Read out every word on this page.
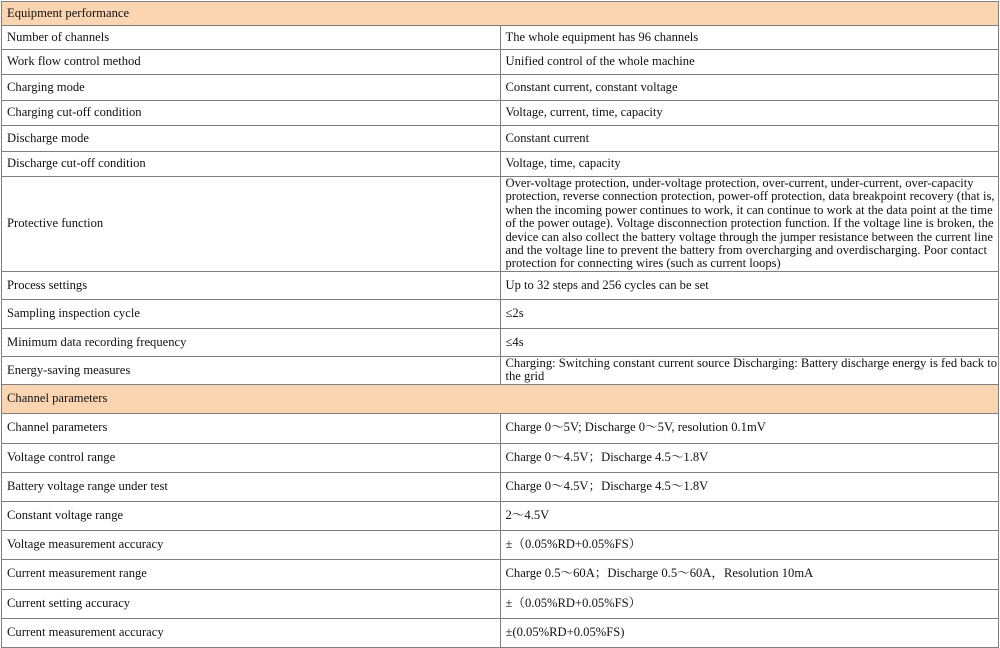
Equipment performance	
Number of channels	The whole equipment has 96 channels
Work flow control method	Unified control of the whole machine
Charging mode	Constant current, constant voltage
Charging cut-off condition	Voltage, current, time, capacity
Discharge mode	Constant current
Discharge cut-off condition	Voltage, time, capacity
Protective function	Over-voltage protection, under-voltage protection, over-current, under-current, over-capacity protection, reverse connection protection, power-off protection, data breakpoint recovery (that is, when the incoming power continues to work, it can continue to work at the data point at the time of the power outage). Voltage disconnection protection function. If the voltage line is broken, the device can also collect the battery voltage through the jumper resistance between the current line and the voltage line to prevent the battery from overcharging and overdischarging. Poor contact protection for connecting wires (such as current loops)
Process settings	Up to 32 steps and 256 cycles can be set
Sampling inspection cycle	≤2s
Minimum data recording frequency	≤4s
Energy-saving measures	Charging: Switching constant current source Discharging: Battery discharge energy is fed back to the grid
Channel parameters	
Channel parameters	Charge 0～5V; Discharge 0～5V, resolution 0.1mV
Voltage control range	Charge 0～4.5V；Discharge 4.5～1.8V
Battery voltage range under test	Charge 0～4.5V；Discharge 4.5～1.8V
Constant voltage range	2～4.5V
Voltage measurement accuracy	±（0.05%RD+0.05%FS）
Current measurement range	Charge 0.5～60A；Discharge 0.5～60A，Resolution 10mA
Current setting accuracy	±（0.05%RD+0.05%FS）
Current measurement accuracy	±(0.05%RD+0.05%FS)
